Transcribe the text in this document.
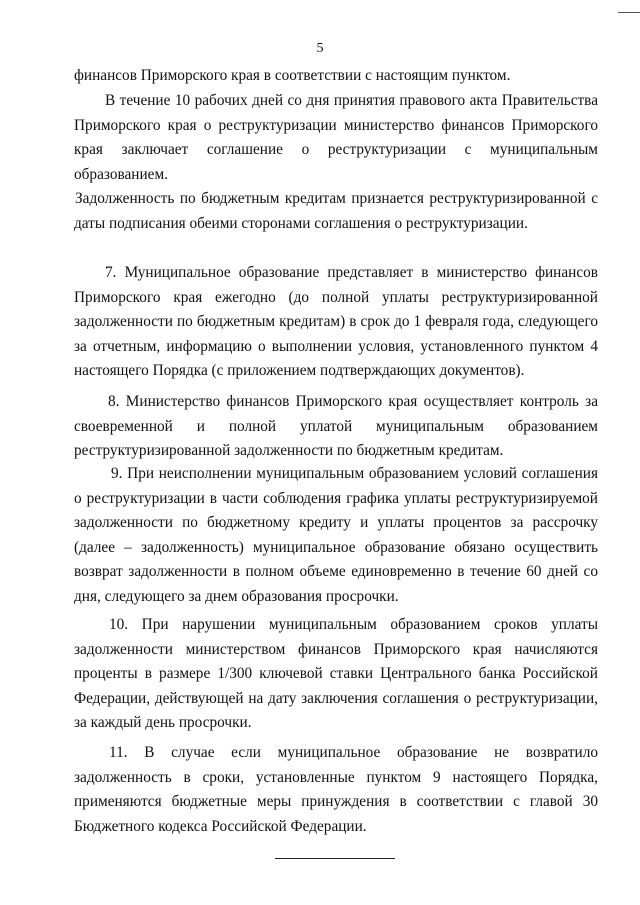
5

финансов Приморского края в соответствии с настоящим пунктом.

В течение 10 рабочих дней со дня принятия правового акта Правительства Приморского края о реструктуризации министерство финансов Приморского края заключает соглашение о реструктуризации с муниципальным образованием.

Задолженность по бюджетным кредитам признается реструктуризированной с даты подписания обеими сторонами соглашения о реструктуризации.

7. Муниципальное образование представляет в министерство финансов Приморского края ежегодно (до полной уплаты реструктуризированной задолженности по бюджетным кредитам) в срок до 1 февраля года, следующего за отчетным, информацию о выполнении условия, установленного пунктом 4 настоящего Порядка (с приложением подтверждающих документов).

8. Министерство финансов Приморского края осуществляет контроль за своевременной и полной уплатой муниципальным образованием реструктуризированной задолженности по бюджетным кредитам.

9. При неисполнении муниципальным образованием условий соглашения о реструктуризации в части соблюдения графика уплаты реструктуризируемой задолженности по бюджетному кредиту и уплаты процентов за рассрочку (далее – задолженность) муниципальное образование обязано осуществить возврат задолженности в полном объеме единовременно в течение 60 дней со дня, следующего за днем образования просрочки.

10. При нарушении муниципальным образованием сроков уплаты задолженности министерством финансов Приморского края начисляются проценты в размере 1/300 ключевой ставки Центрального банка Российской Федерации, действующей на дату заключения соглашения о реструктуризации, за каждый день просрочки.

11. В случае если муниципальное образование не возвратило задолженность в сроки, установленные пунктом 9 настоящего Порядка, применяются бюджетные меры принуждения в соответствии с главой 30 Бюджетного кодекса Российской Федерации.
